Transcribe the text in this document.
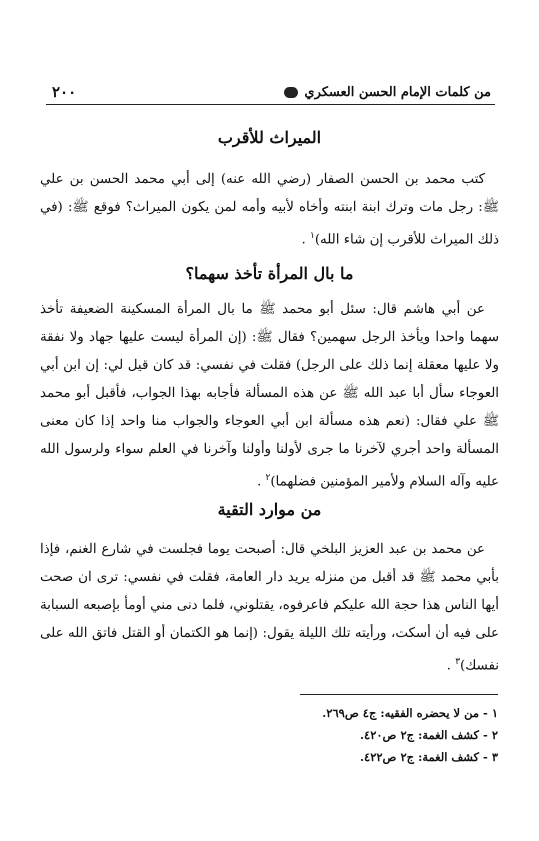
من كلمات الإمام الحسن العسكري
٢٠٠
الميراث للأقرب

كتب محمد بن الحسن الصفار (رضي الله عنه) إلى أبي محمد الحسن بن علي ﷺ: رجل مات وترك ابنة ابنته وأخاه لأبيه وأمه لمن يكون الميراث؟ فوقع ﷺ: (في ذلك الميراث للأقرب إن شاء الله)$^١$ .

ما بال المرأة تأخذ سهما؟

عن أبي هاشم قال: سئل أبو محمد ﷺ ما بال المرأة المسكينة الضعيفة تأخذ سهما واحدا ويأخذ الرجل سهمين؟ فقال ﷺ: (إن المرأة ليست عليها جهاد ولا نفقة ولا عليها معقلة إنما ذلك على الرجل) فقلت في نفسي: قد كان قيل لي: إن ابن أبي العوجاء سأل أبا عبد الله ﷺ عن هذه المسألة فأجابه بهذا الجواب، فأقبل أبو محمد ﷺ علي فقال: (نعم هذه مسألة ابن أبي العوجاء والجواب منا واحد إذا كان معنى المسألة واحد أجري لآخرنا ما جرى لأولنا وأولنا وآخرنا في العلم سواء ولرسول الله عليه وآله السلام ولأمير المؤمنين فضلهما)$^٢$ .

من موارد التقية

عن محمد بن عبد العزيز البلخي قال: أصبحت يوما فجلست في شارع الغنم، فإذا بأبي محمد ﷺ قد أقبل من منزله يريد دار العامة، فقلت في نفسي: ترى ان صحت أيها الناس هذا حجة الله عليكم فاعرفوه، يقتلوني، فلما دنى مني أومأ بإصبعه السبابة على فيه أن أسكت، ورأيته تلك الليلة يقول: (إنما هو الكتمان أو القتل فاتق الله على نفسك)$^٣$ .

١ - من لا يحضره الفقيه: ج٤ ص٢٦٩.
٢ - كشف الغمة: ج٢ ص٤٢٠.
٣ - كشف الغمة: ج٢ ص٤٢٢.
